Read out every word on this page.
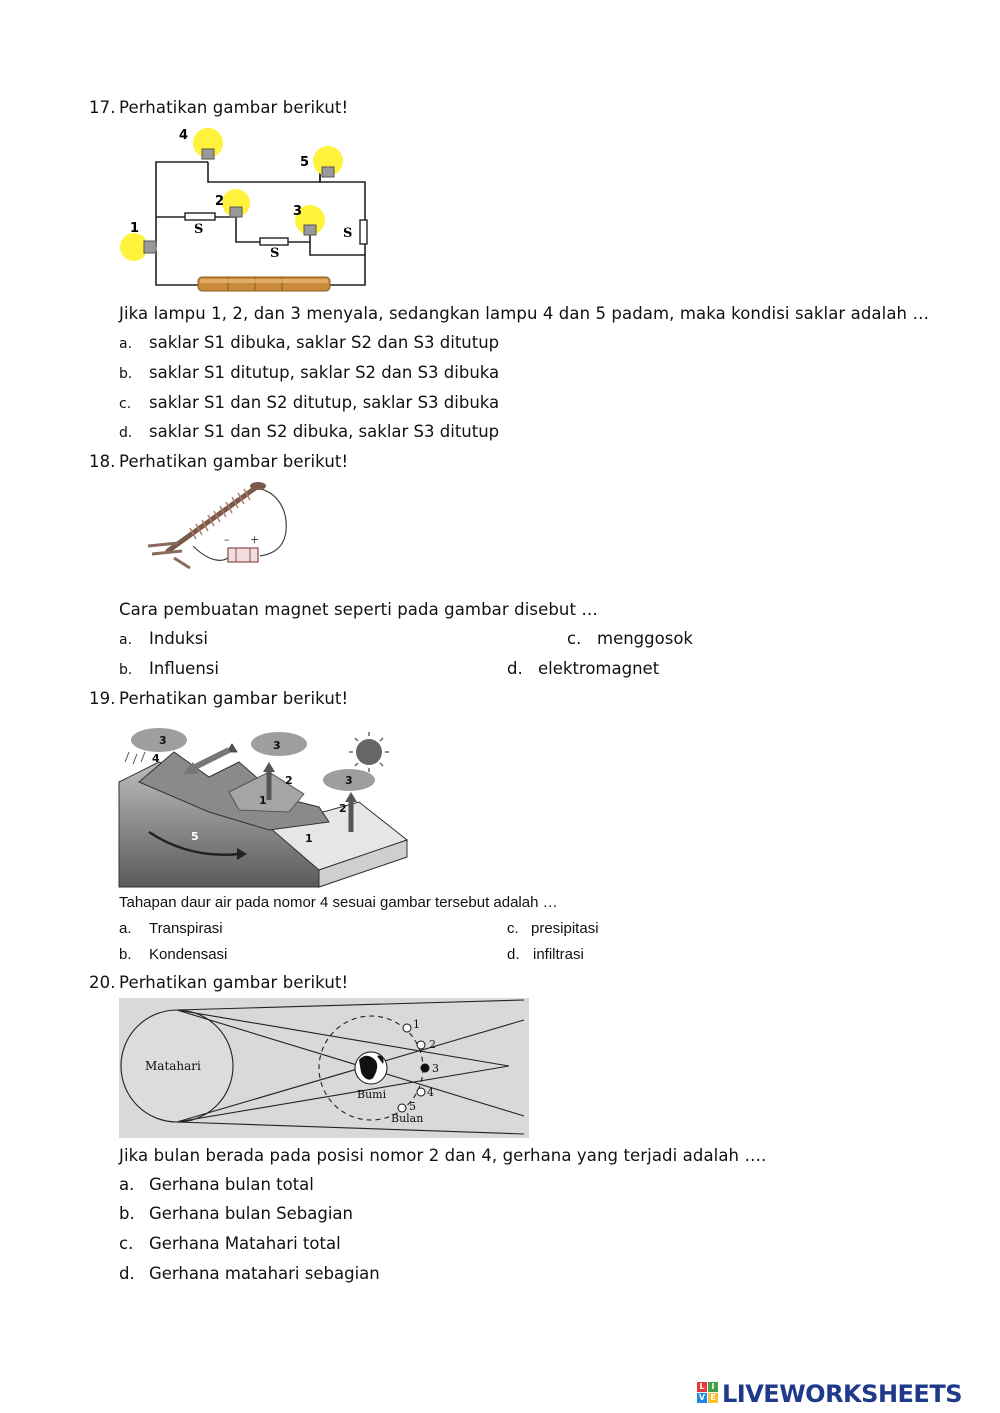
17. Perhatikan gambar berikut!
S
S
S
1
2
3
4
5
Jika lampu 1, 2, dan 3 menyala, sedangkan lampu 4 dan 5 padam, maka kondisi saklar adalah …
a. saklar S1 dibuka, saklar S2 dan S3 ditutup
b. saklar S1 ditutup, saklar S2 dan S3 dibuka
c. saklar S1 dan S2 ditutup, saklar S3 dibuka
d. saklar S1 dan S2 dibuka, saklar S3 ditutup
18. Perhatikan gambar berikut!
– +
Cara pembuatan magnet seperti pada gambar disebut …
a. Induksi
b. Influensi
c. menggosok
d. elektromagnet
19. Perhatikan gambar berikut!
3
4
3
2
1
3
2
5	1
Tahapan daur air pada nomor 4 sesuai gambar tersebut adalah …
a. Transpirasi
b. Kondensasi
c. presipitasi
d. infiltrasi
20. Perhatikan gambar berikut!
1
2
3
4
5
Matahari
Bumi
Bulan
Jika bulan berada pada posisi nomor 2 dan 4, gerhana yang terjadi adalah ….
a. Gerhana bulan total
b. Gerhana bulan Sebagian
c. Gerhana Matahari total
d. Gerhana matahari sebagian
L I
V E LIVEWORKSHEETS
